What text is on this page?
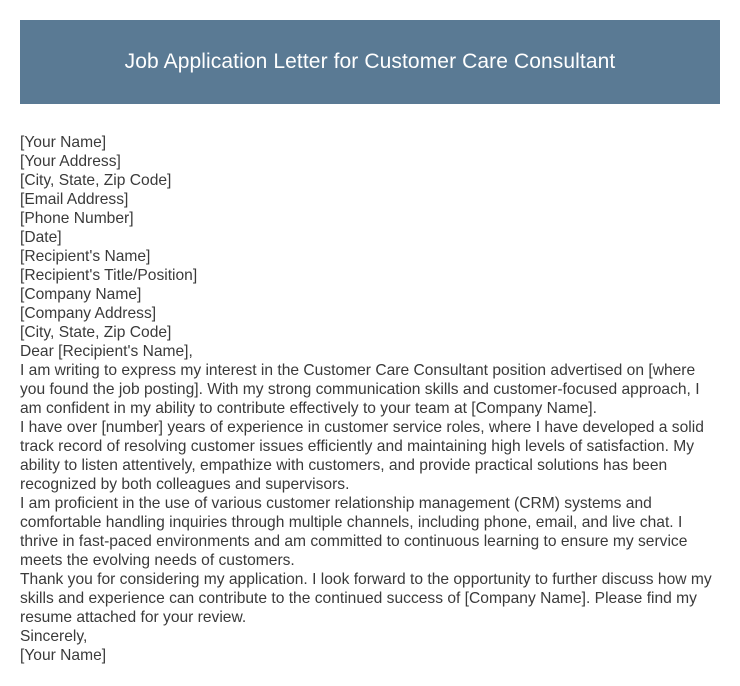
Job Application Letter for Customer Care Consultant

[Your Name]

[Your Address]

[City, State, Zip Code]

[Email Address]

[Phone Number]

[Date]

[Recipient's Name]

[Recipient's Title/Position]

[Company Name]

[Company Address]

[City, State, Zip Code]

Dear [Recipient's Name],

I am writing to express my interest in the Customer Care Consultant position advertised on [where you found the job posting]. With my strong communication skills and customer-focused approach, I am confident in my ability to contribute effectively to your team at [Company Name].

I have over [number] years of experience in customer service roles, where I have developed a solid track record of resolving customer issues efficiently and maintaining high levels of satisfaction. My ability to listen attentively, empathize with customers, and provide practical solutions has been recognized by both colleagues and supervisors.

I am proficient in the use of various customer relationship management (CRM) systems and comfortable handling inquiries through multiple channels, including phone, email, and live chat. I thrive in fast-paced environments and am committed to continuous learning to ensure my service meets the evolving needs of customers.

Thank you for considering my application. I look forward to the opportunity to further discuss how my skills and experience can contribute to the continued success of [Company Name]. Please find my resume attached for your review.

Sincerely,

[Your Name]
